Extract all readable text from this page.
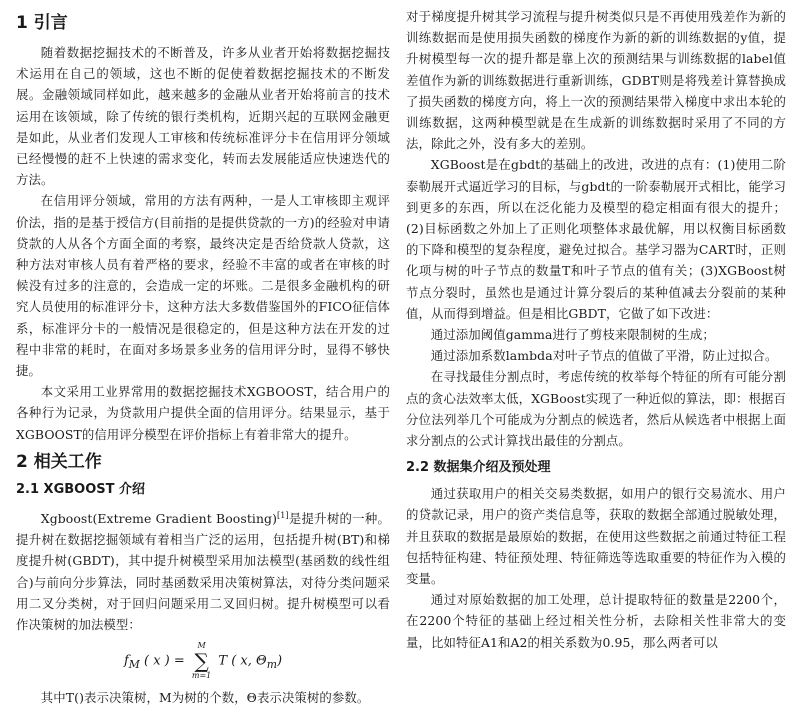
1 引言

随着数据挖掘技术的不断普及，许多从业者开始将数据挖掘技术运用在自己的领域，这也不断的促使着数据挖掘技术的不断发展。金融领域同样如此，越来越多的金融从业者开始将前言的技术运用在该领域，除了传统的银行类机构，近期兴起的互联网金融更是如此，从业者们发现人工审核和传统标准评分卡在信用评分领域已经慢慢的赶不上快速的需求变化，转而去发展能适应快速迭代的方法。

在信用评分领域，常用的方法有两种，一是人工审核即主观评价法，指的是基于授信方(目前指的是提供贷款的一方)的经验对申请贷款的人从各个方面全面的考察，最终决定是否给贷款人贷款，这种方法对审核人员有着严格的要求，经验不丰富的或者在审核的时候没有过多的注意的，会造成一定的坏账。二是很多金融机构的研究人员使用的标准评分卡，这种方法大多数借鉴国外的FICO征信体系，标准评分卡的一般情况是很稳定的，但是这种方法在开发的过程中非常的耗时，在面对多场景多业务的信用评分时，显得不够快捷。

本文采用工业界常用的数据挖掘技术XGBOOST，结合用户的各种行为记录，为贷款用户提供全面的信用评分。结果显示，基于XGBOOST的信用评分模型在评价指标上有着非常大的提升。

2 相关工作
2.1 XGBOOST 介绍

Xgboost(Extreme Gradient Boosting)[1]是提升树的一种。提升树在数据挖掘领域有着相当广泛的运用，包括提升树(BT)和梯度提升树(GBDT)，其中提升树模型采用加法模型(基函数的线性组合)与前向分步算法，同时基函数采用决策树算法，对待分类问题采用二叉分类树，对于回归问题采用二叉回归树。提升树模型可以看作决策树的加法模型：

$f_M$ ( x ) =
M
∑
m=1
T ( x, $\Theta_m$)

其中T()表示决策树，M为树的个数，Θ表示决策树的参数。

对于梯度提升树其学习流程与提升树类似只是不再使用残差作为新的训练数据而是使用损失函数的梯度作为新的新的训练数据的y值，提升树模型每一次的提升都是靠上次的预测结果与训练数据的label值差值作为新的训练数据进行重新训练，GDBT则是将残差计算替换成了损失函数的梯度方向，将上一次的预测结果带入梯度中求出本轮的训练数据，这两种模型就是在生成新的训练数据时采用了不同的方法，除此之外，没有多大的差别。

XGBoost是在gbdt的基础上的改进，改进的点有：(1)使用二阶泰勒展开式逼近学习的目标，与gbdt的一阶泰勒展开式相比，能学习到更多的东西，所以在泛化能力及模型的稳定相面有很大的提升；(2)目标函数之外加上了正则化项整体求最优解，用以权衡目标函数的下降和模型的复杂程度，避免过拟合。基学习器为CART时，正则化项与树的叶子节点的数量T和叶子节点的值有关；(3)XGBoost树节点分裂时，虽然也是通过计算分裂后的某种值减去分裂前的某种值，从而得到增益。但是相比GBDT，它做了如下改进：

通过添加阈值gamma进行了剪枝来限制树的生成；

通过添加系数lambda对叶子节点的值做了平滑，防止过拟合。

在寻找最佳分割点时，考虑传统的枚举每个特征的所有可能分割点的贪心法效率太低，XGBoost实现了一种近似的算法，即：根据百分位法列举几个可能成为分割点的候选者，然后从候选者中根据上面求分割点的公式计算找出最佳的分割点。

2.2 数据集介绍及预处理

通过获取用户的相关交易类数据，如用户的银行交易流水、用户的贷款记录，用户的资产类信息等，获取的数据全部通过脱敏处理，并且获取的数据是最原始的数据，在使用这些数据之前通过特征工程包括特征构建、特征预处理、特征筛选等选取重要的特征作为入模的变量。

通过对原始数据的加工处理，总计提取特征的数量是2200个，在2200个特征的基础上经过相关性分析，去除相关性非常大的变量，比如特征A1和A2的相关系数为0.95，那么两者可以
